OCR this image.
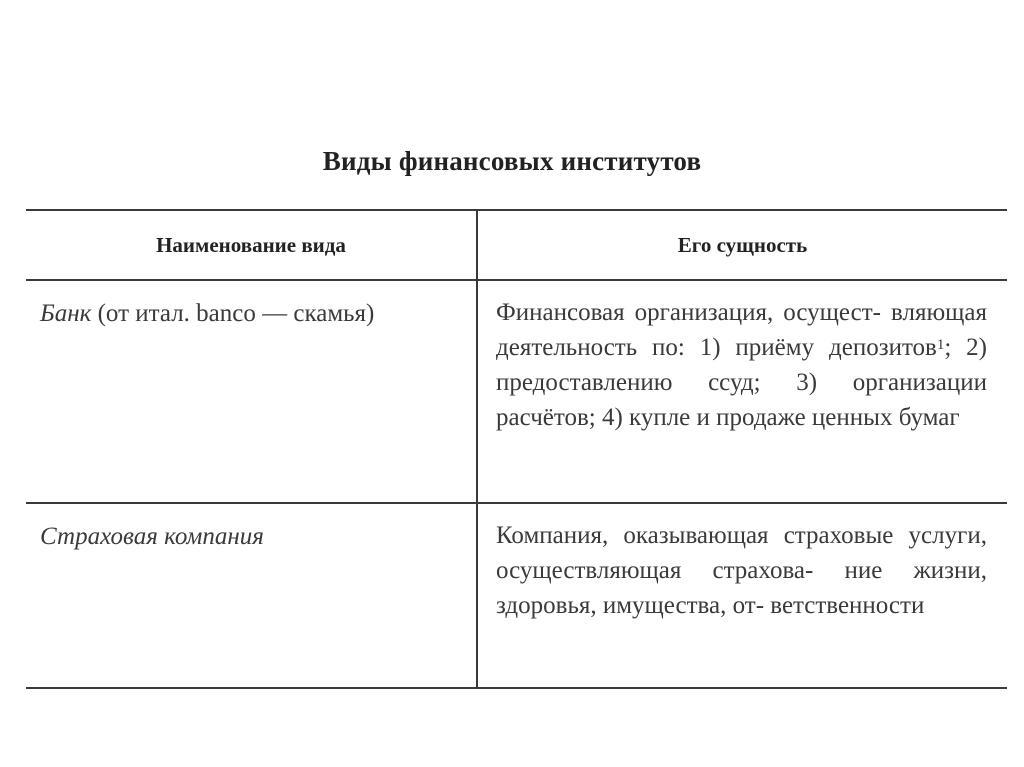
Виды финансовых институтов
Наименование вида	Его сущность
Банк (от итал. banco — скамья)	Финансовая организация, осущест- вляющая деятельность по: 1) приёму депозитов$^1$; 2) предоставлению ссуд; 3) организации расчётов; 4) купле и продаже ценных бумаг
Страховая компания	Компания, оказывающая страховые услуги, осуществляющая страхова- ние жизни, здоровья, имущества, от- ветственности
